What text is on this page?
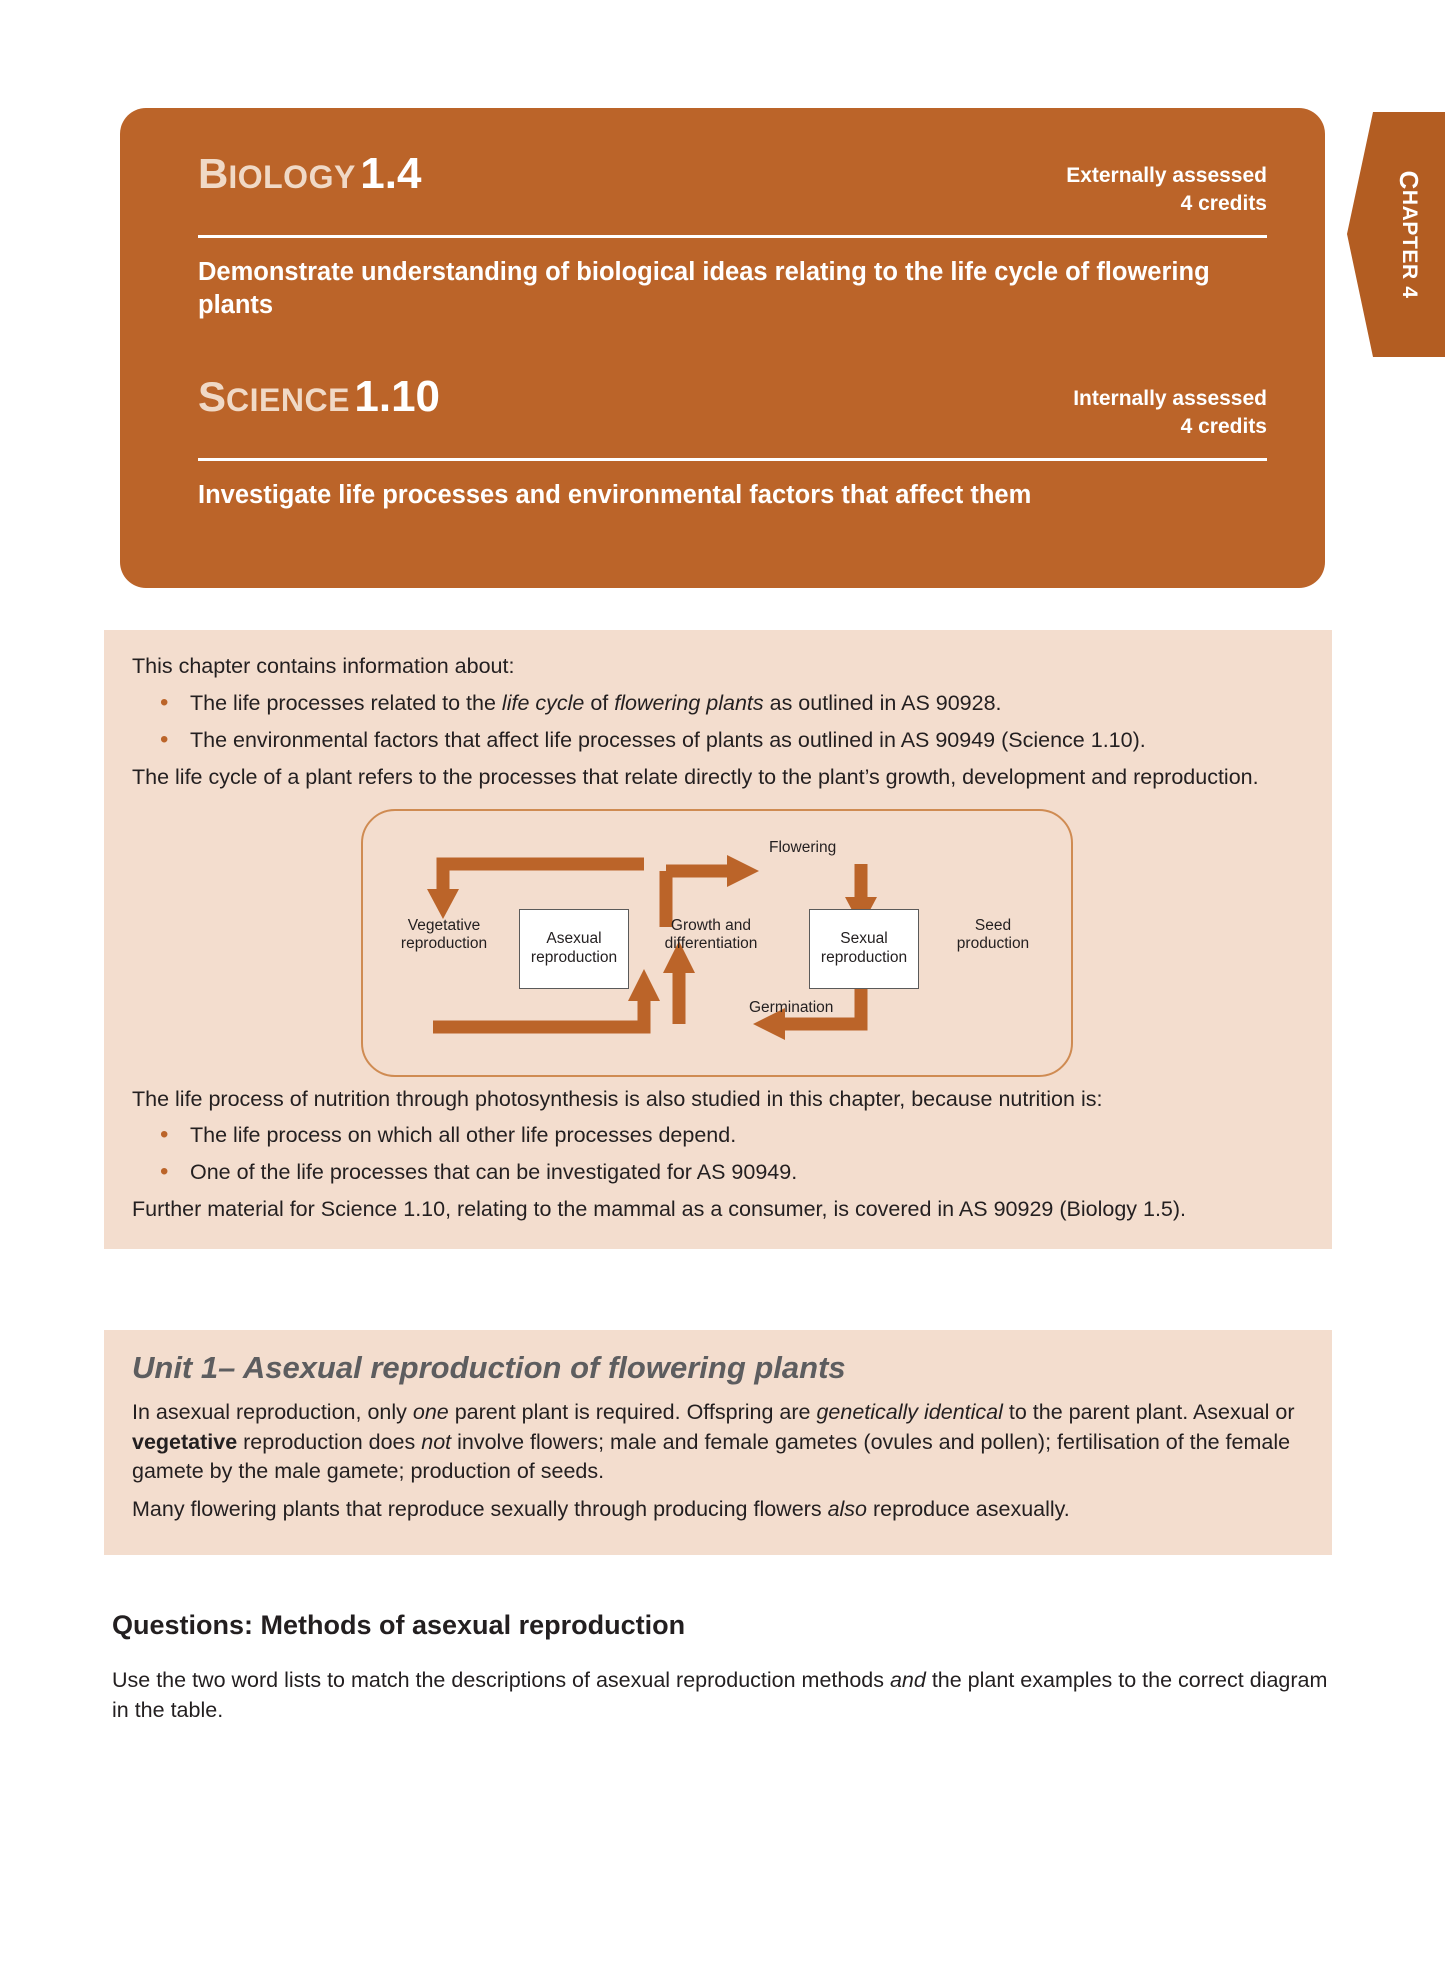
C
HAPTER 4
BIOLOGY 1.4	Externally assessed
4 credits
Demonstrate understanding of biological ideas relating to the life cycle of flowering plants
SCIENCE 1.10	Internally assessed
4 credits
Investigate life processes and environmental factors that affect them
This chapter contains information about:
• The life processes related to the life cycle of flowering plants as outlined in AS 90928.
• The environmental factors that affect life processes of plants as outlined in AS 90949 (Science 1.10).
The life cycle of a plant refers to the processes that relate directly to the plant’s growth, development and reproduction.
Vegetative
reproduction	Asexual
reproduction
Growth and
differentiation	Sexual
reproduction
Seed
production
Flowering
Germination
The life process of nutrition through photosynthesis is also studied in this chapter, because nutrition is:
• The life process on which all other life processes depend.
• One of the life processes that can be investigated for AS 90949.
Further material for Science 1.10, relating to the mammal as a consumer, is covered in AS 90929 (Biology 1.5).
Unit 1– Asexual reproduction of flowering plants
In asexual reproduction, only one parent plant is required. Offspring are genetically identical to the parent plant. Asexual or vegetative reproduction does not involve flowers; male and female gametes (ovules and pollen); fertilisation of the female gamete by the male gamete; production of seeds.
Many flowering plants that reproduce sexually through producing flowers also reproduce asexually.
Questions: Methods of asexual reproduction
Use the two word lists to match the descriptions of asexual reproduction methods and the plant examples to the correct diagram in the table.
